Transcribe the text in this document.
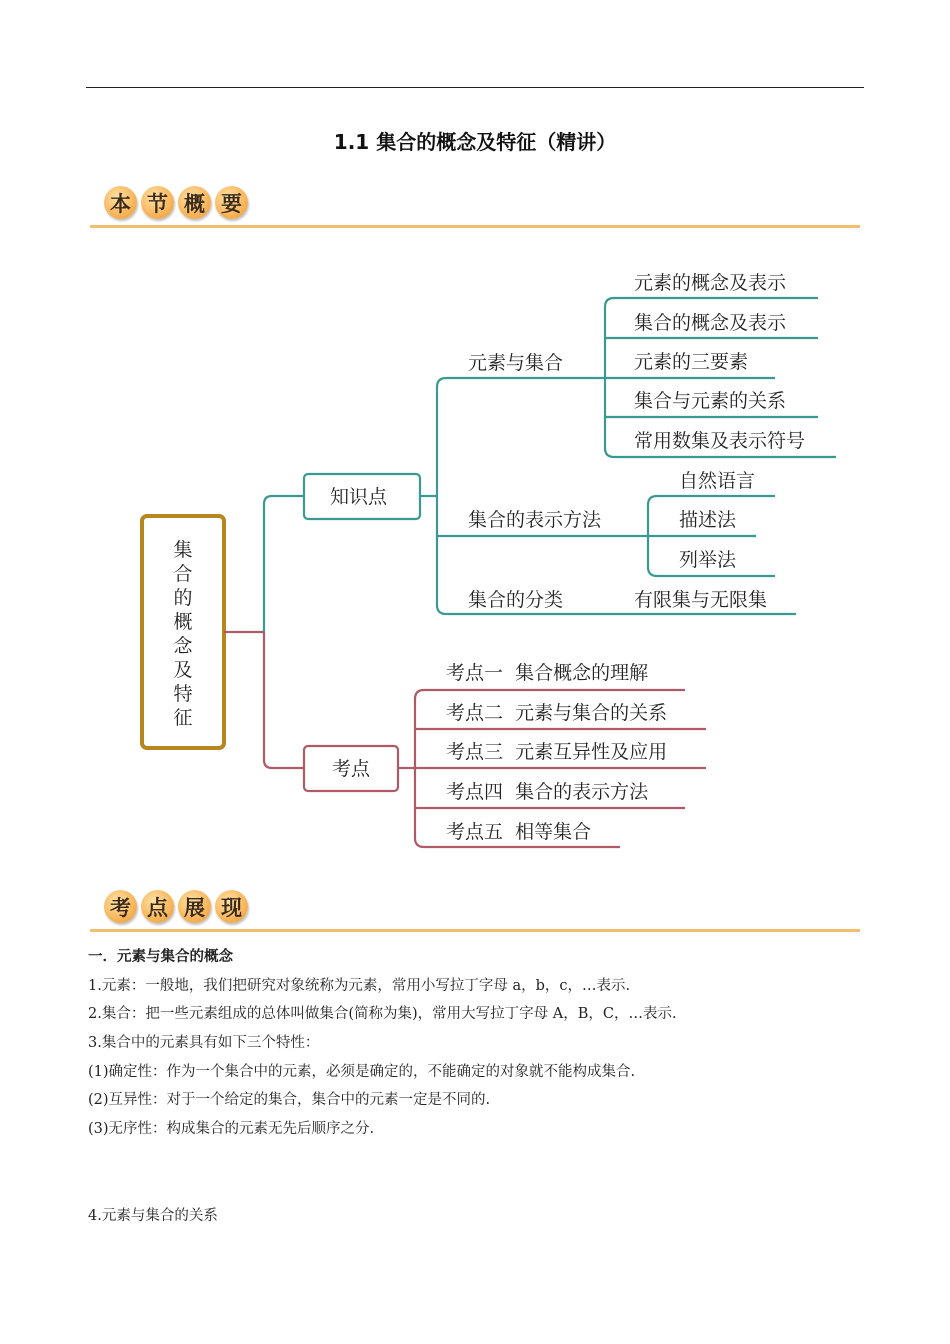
1.1 集合的概念及特征（精讲）
本 节 概 要
集
合
的
概
念
及
特
征
知识点
考点
元素与集合
元素的概念及表示
集合的概念及表示
元素的三要素
集合与元素的关系
常用数集及表示符号
集合的表示方法
自然语言
描述法
列举法
集合的分类	有限集与无限集
考点一  集合概念的理解
考点二  元素与集合的关系
考点三  元素互异性及应用
考点四  集合的表示方法
考点五  相等集合
考 点 展 现

一．元素与集合的概念

1.元素：一般地，我们把研究对象统称为元素，常用小写拉丁字母 a，b，c，…表示.

2.集合：把一些元素组成的总体叫做集合(简称为集)，常用大写拉丁字母 A，B，C，…表示.

3.集合中的元素具有如下三个特性：

(1)确定性：作为一个集合中的元素，必须是确定的，不能确定的对象就不能构成集合.

(2)互异性：对于一个给定的集合，集合中的元素一定是不同的.

(3)无序性：构成集合的元素无先后顺序之分.

4.元素与集合的关系
